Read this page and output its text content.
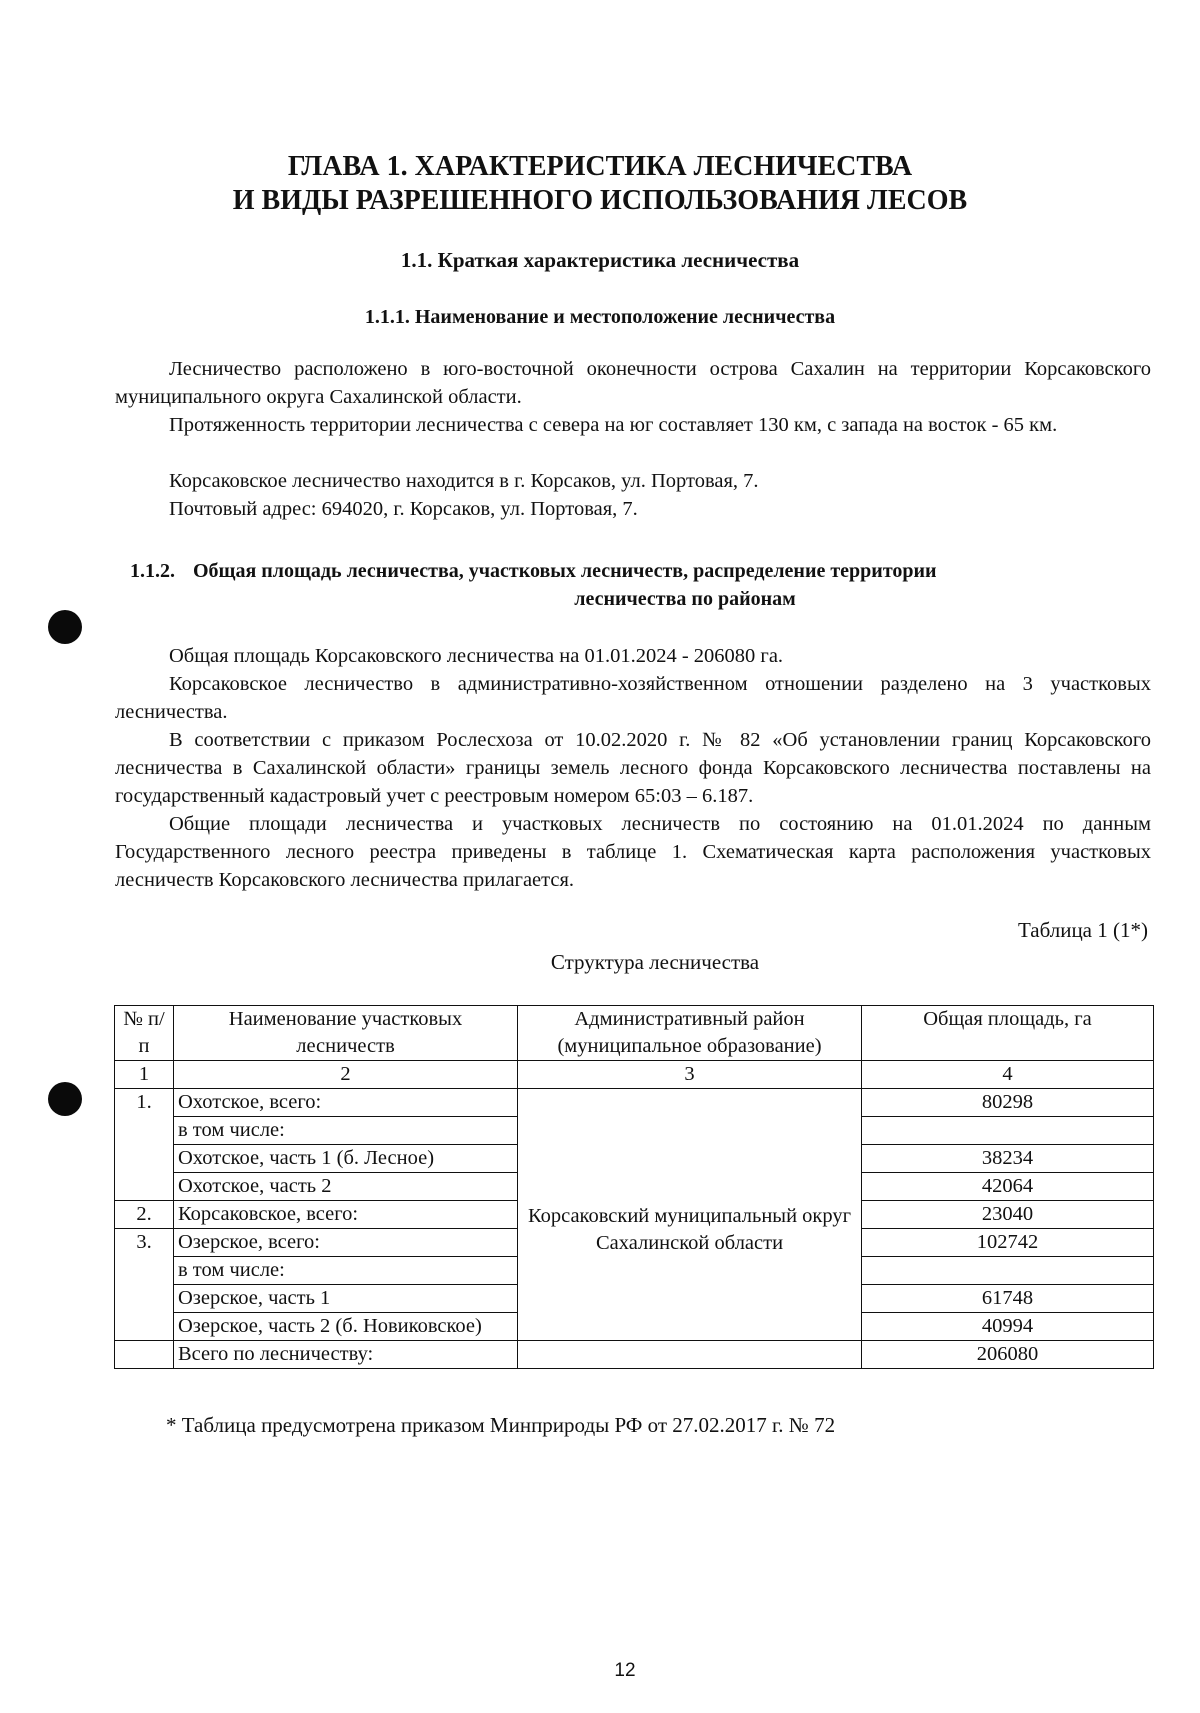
ГЛАВА 1. ХАРАКТЕРИСТИКА ЛЕСНИЧЕСТВА
И ВИДЫ РАЗРЕШЕННОГО ИСПОЛЬЗОВАНИЯ ЛЕСОВ
1.1. Краткая характеристика лесничества
1.1.1. Наименование и местоположение лесничества

Лесничество расположено в юго-восточной оконечности острова Сахалин на территории Корсаковского муниципального округа Сахалинской области.

Протяженность территории лесничества с севера на юг составляет 130 км, с запада на восток - 65 км.

Корсаковское лесничество находится в г. Корсаков, ул. Портовая, 7.

Почтовый адрес: 694020, г. Корсаков, ул. Портовая, 7.

1.1.2. Общая площадь лесничества, участковых лесничеств, распределение территории
лесничества по районам

Общая площадь Корсаковского лесничества на 01.01.2024 - 206080 га.

Корсаковское лесничество в административно-хозяйственном отношении разделено на 3 участковых лесничества.

В соответствии с приказом Рослесхоза от 10.02.2020 г. № 82 «Об установлении границ Корсаковского лесничества в Сахалинской области» границы земель лесного фонда Корсаковского лесничества поставлены на государственный кадастровый учет с реестровым номером 65:03 – 6.187.

Общие площади лесничества и участковых лесничеств по состоянию на 01.01.2024 по данным Государственного лесного реестра приведены в таблице 1. Схематическая карта расположения участковых лесничеств Корсаковского лесничества прилагается.

Таблица 1 (1*)
Структура лесничества
№ п/п	Наименование участковых лесничеств	Административный район (муниципальное образование)	Общая площадь, га
1	2	3	4
1.	Охотское, всего:	Корсаковский муниципальный округ Сахалинской области	80298
	в том числе:		
	Охотское, часть 1 (б. Лесное)		38234
	Охотское, часть 2		42064
2.	Корсаковское, всего:		23040
3.	Озерское, всего:		102742
	в том числе:		
	Озерское, часть 1		61748
	Озерское, часть 2 (б. Новиковское)		40994
	Всего по лесничеству:		206080
* Таблица предусмотрена приказом Минприроды РФ от 27.02.2017 г. № 72
12
